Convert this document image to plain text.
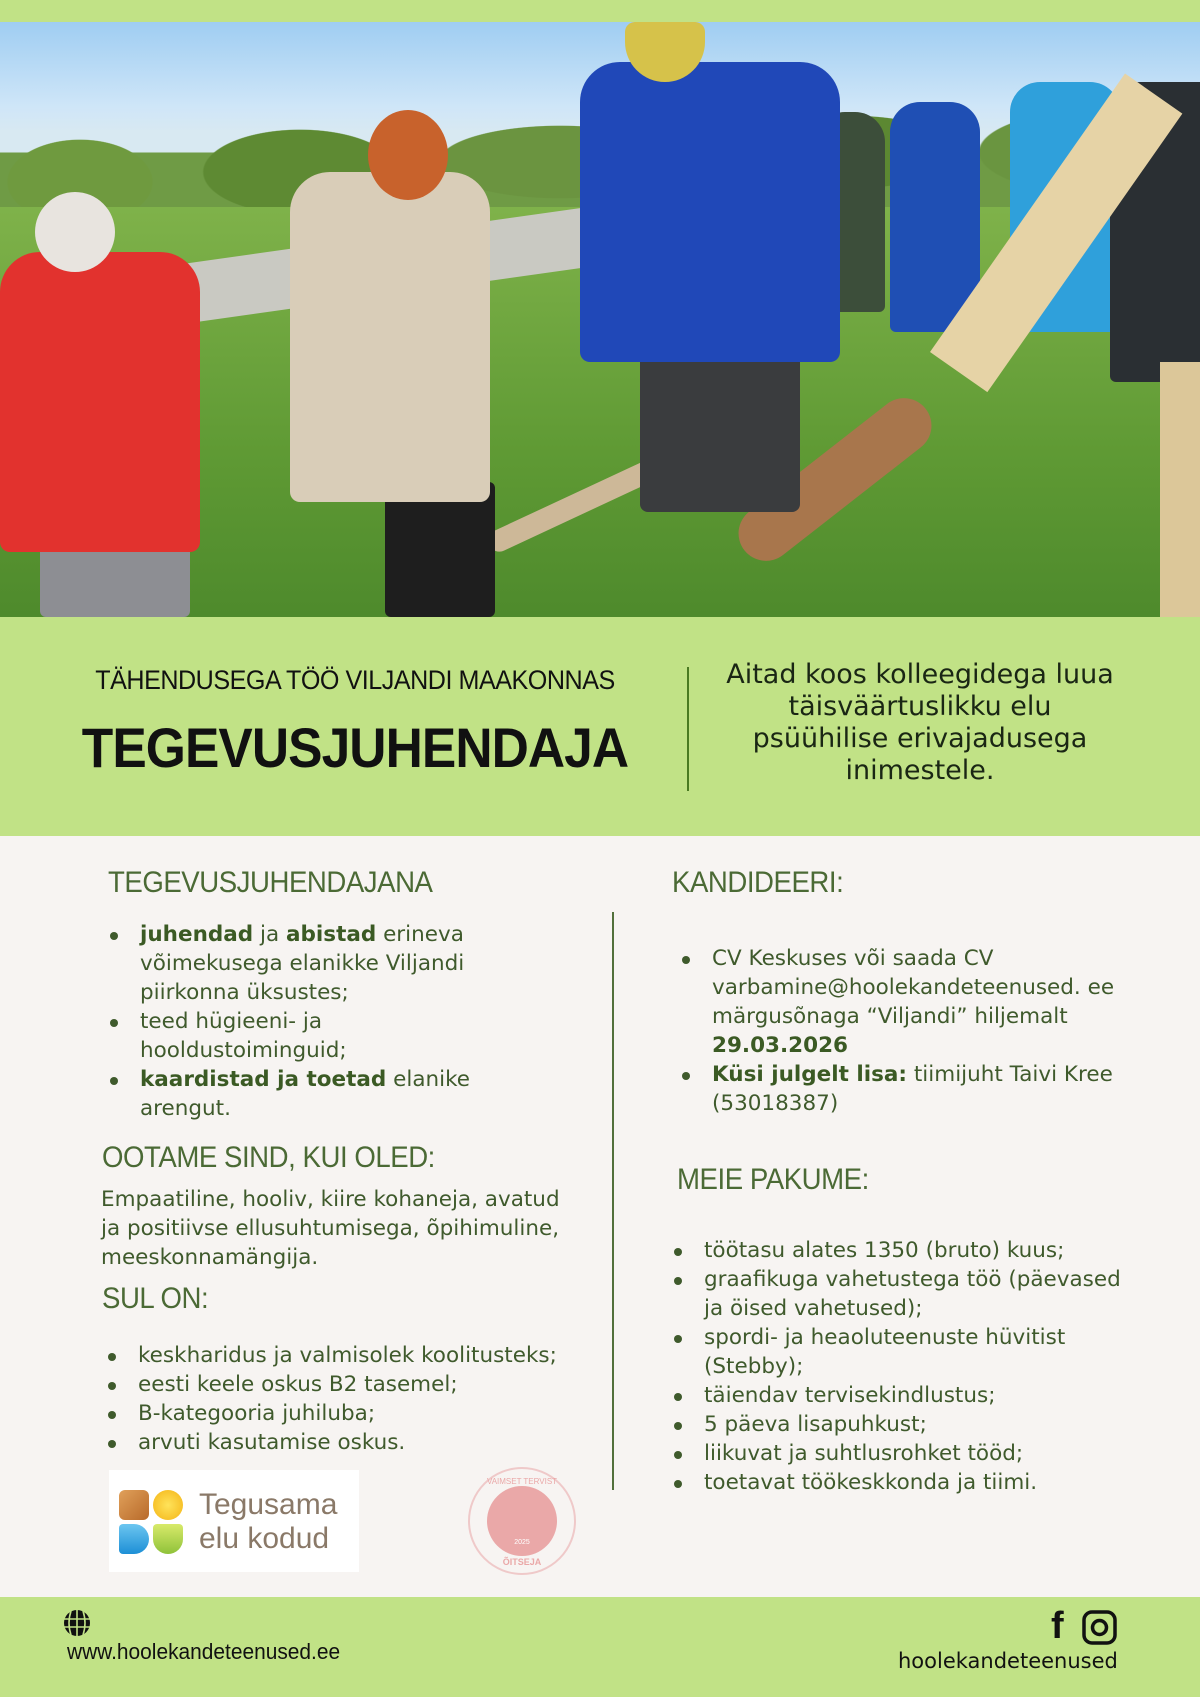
TÄHENDUSEGA TÖÖ VILJANDI MAAKONNAS
TEGEVUSJUHENDAJA
Aitad koos kolleegidega luua täisväärtuslikku elu psüühilise erivajadusega inimestele.
TEGEVUSJUHENDAJANA
juhendad ja abistad erineva võimekusega elanikke Viljandi piirkonna üksustes;
teed hügieeni- ja hooldustoiminguid;
kaardistad ja toetad elanike arengut.
OOTAME SIND, KUI OLED:

Empaatiline, hooliv, kiire kohaneja, avatud ja positiivse ellusuhtumisega, õpihimuline, meeskonnamängija.

SUL ON:
keskharidus ja valmisolek koolitusteks;
eesti keele oskus B2 tasemel;
B-kategooria juhiluba;
arvuti kasutamise oskus.
KANDIDEERI:
CV Keskuses või saada CV varbamine@hoolekandeteenused. ee märgusõnaga “Viljandi” hiljemalt 29.03.2026
Küsi julgelt lisa: tiimijuht Taivi Kree (53018387)
MEIE PAKUME:
töötasu alates 1350 (bruto) kuus;
graafikuga vahetustega töö (päevased ja öised vahetused);
spordi- ja heaoluteenuste hüvitist (Stebby);
täiendav tervisekindlustus;
5 päeva lisapuhkust;
liikuvat ja suhtlusrohket tööd;
toetavat töökeskkonda ja tiimi.
Tegusama
elu kodud
VAIMSET TERVIST
2025
ÕITSEJA
www.hoolekandeteenused.ee
f
hoolekandeteenused
